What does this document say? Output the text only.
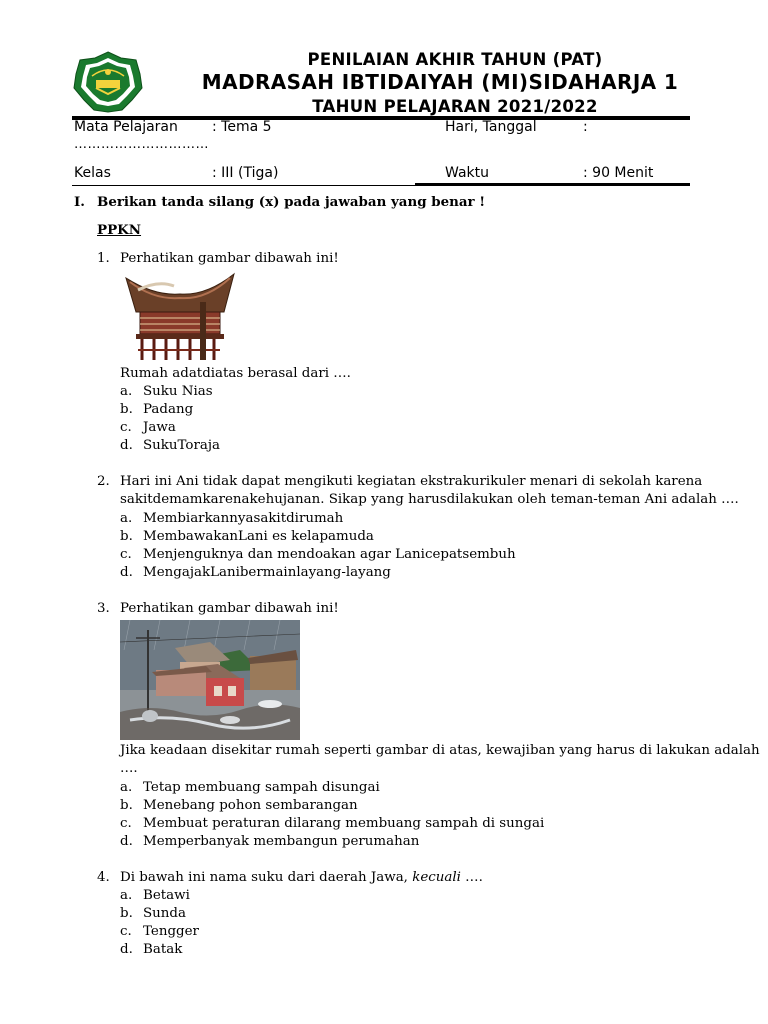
PENILAIAN AKHIR TAHUN (PAT)
MADRASAH IBTIDAIYAH (MI)SIDAHARJA 1
TAHUN PELAJARAN 2021/2022
Mata Pelajaran : Tema 5	Hari, Tanggal	:
…………………………
Kelas	: III (Tiga)	Waktu	: 90 Menit
I. Berikan tanda silang (x) pada jawaban yang benar !
PPKN
1. Perhatikan gambar dibawah ini!
Rumah adatdiatas berasal dari ….
2. Hari ini Ani tidak dapat mengikuti kegiatan ekstrakurikuler menari di sekolah karena
sakitdemamkarenakehujanan. Sikap yang harusdilakukan oleh teman-teman Ani adalah ….
3. Perhatikan gambar dibawah ini!
Jika keadaan disekitar rumah seperti gambar di atas, kewajiban yang harus di lakukan adalah
….
4. Di bawah ini nama suku dari daerah Jawa, kecuali ….
a. Suku Nias
b. Padang
c. Jawa
d. SukuToraja
a. Membiarkannyasakitdirumah
b. MembawakanLani es kelapamuda
c. Menjenguknya dan mendoakan agar Lanicepatsembuh
d. MengajakLanibermainlayang-layang
a. Tetap membuang sampah disungai
b. Menebang pohon sembarangan
c. Membuat peraturan dilarang membuang sampah di sungai
d. Memperbanyak membangun perumahan
a. Betawi
b. Sunda
c. Tengger
d. Batak
